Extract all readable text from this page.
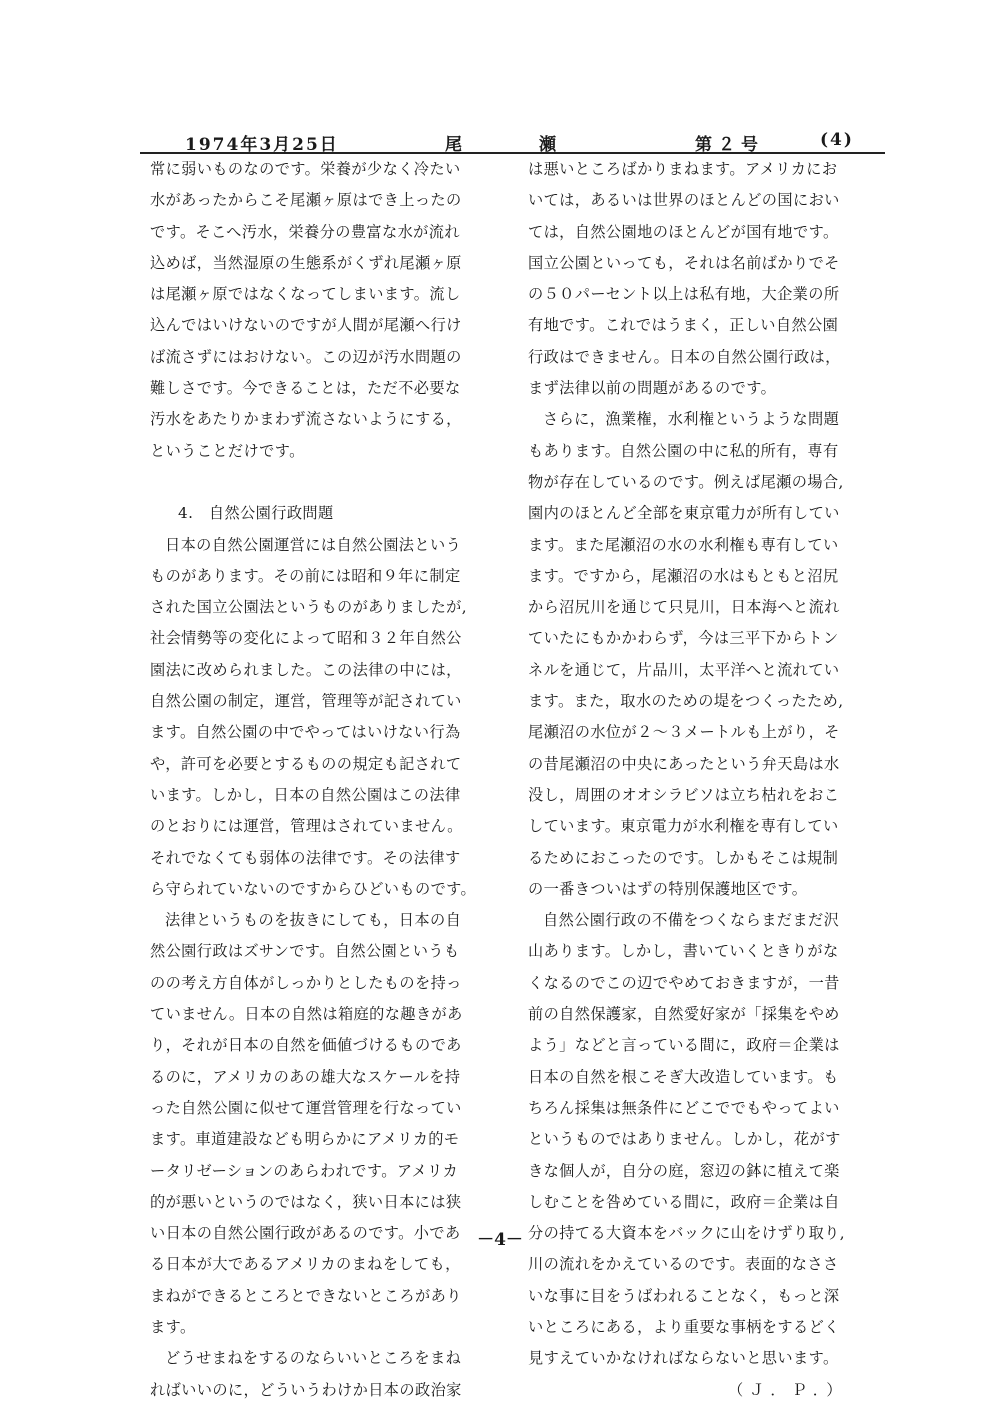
1974年3月25日	尾　瀬	第２号	(4)
常に弱いものなのです。栄養が少なく冷たい
水があったからこそ尾瀬ヶ原はでき上ったの
です。そこへ汚水，栄養分の豊富な水が流れ
込めば，当然湿原の生態系がくずれ尾瀬ヶ原
は尾瀬ヶ原ではなくなってしまいます。流し
込んではいけないのですが人間が尾瀬へ行け
ば流さずにはおけない。この辺が汚水問題の
難しさです。今できることは，ただ不必要な
汚水をあたりかまわず流さないようにする，
ということだけです。
4.　自然公園行政問題
日本の自然公園運営には自然公園法という
ものがあります。その前には昭和９年に制定
された国立公園法というものがありましたが,
社会情勢等の変化によって昭和３２年自然公
園法に改められました。この法律の中には，
自然公園の制定，運営，管理等が記されてい
ます。自然公園の中でやってはいけない行為
や，許可を必要とするものの規定も記されて
います。しかし，日本の自然公園はこの法律
のとおりには運営，管理はされていません。
それでなくても弱体の法律です。その法律す
ら守られていないのですからひどいものです。
法律というものを抜きにしても，日本の自
然公園行政はズサンです。自然公園というも
のの考え方自体がしっかりとしたものを持っ
ていません。日本の自然は箱庭的な趣きがあ
り，それが日本の自然を価値づけるものであ
るのに，アメリカのあの雄大なスケールを持
った自然公園に似せて運営管理を行なってい
ます。車道建設なども明らかにアメリカ的モ
ータリゼーションのあらわれです。アメリカ
的が悪いというのではなく，狭い日本には狭
い日本の自然公園行政があるのです。小であ
る日本が大であるアメリカのまねをしても，
まねができるところとできないところがあり
ます。
どうせまねをするのならいいところをまね
ればいいのに，どういうわけか日本の政治家
は悪いところばかりまねます。アメリカにお
いては，あるいは世界のほとんどの国におい
ては，自然公園地のほとんどが国有地です。
国立公園といっても，それは名前ばかりでそ
の５０パーセント以上は私有地，大企業の所
有地です。これではうまく，正しい自然公園
行政はできません。日本の自然公園行政は，
まず法律以前の問題があるのです。
さらに，漁業権，水利権というような問題
もあります。自然公園の中に私的所有，専有
物が存在しているのです。例えば尾瀬の場合,
園内のほとんど全部を東京電力が所有してい
ます。また尾瀬沼の水の水利権も専有してい
ます。ですから，尾瀬沼の水はもともと沼尻
から沼尻川を通じて只見川，日本海へと流れ
ていたにもかかわらず，今は三平下からトン
ネルを通じて，片品川，太平洋へと流れてい
ます。また，取水のための堤をつくったため,
尾瀬沼の水位が２～３メートルも上がり，そ
の昔尾瀬沼の中央にあったという弁天島は水
没し，周囲のオオシラビソは立ち枯れをおこ
しています。東京電力が水利権を専有してい
るためにおこったのです。しかもそこは規制
の一番きついはずの特別保護地区です。
自然公園行政の不備をつくならまだまだ沢
山あります。しかし，書いていくときりがな
くなるのでこの辺でやめておきますが，一昔
前の自然保護家，自然愛好家が「採集をやめ
よう」などと言っている間に，政府＝企業は
日本の自然を根こそぎ大改造しています。も
ちろん採集は無条件にどこででもやってよい
というものではありません。しかし，花がす
きな個人が，自分の庭，窓辺の鉢に植えて楽
しむことを咎めている間に，政府＝企業は自
分の持てる大資本をバックに山をけずり取り,
川の流れをかえているのです。表面的なささ
いな事に目をうばわれることなく，もっと深
いところにある，より重要な事柄をするどく
見すえていかなければならないと思います。
（Ｊ．Ｐ．）
－4－
